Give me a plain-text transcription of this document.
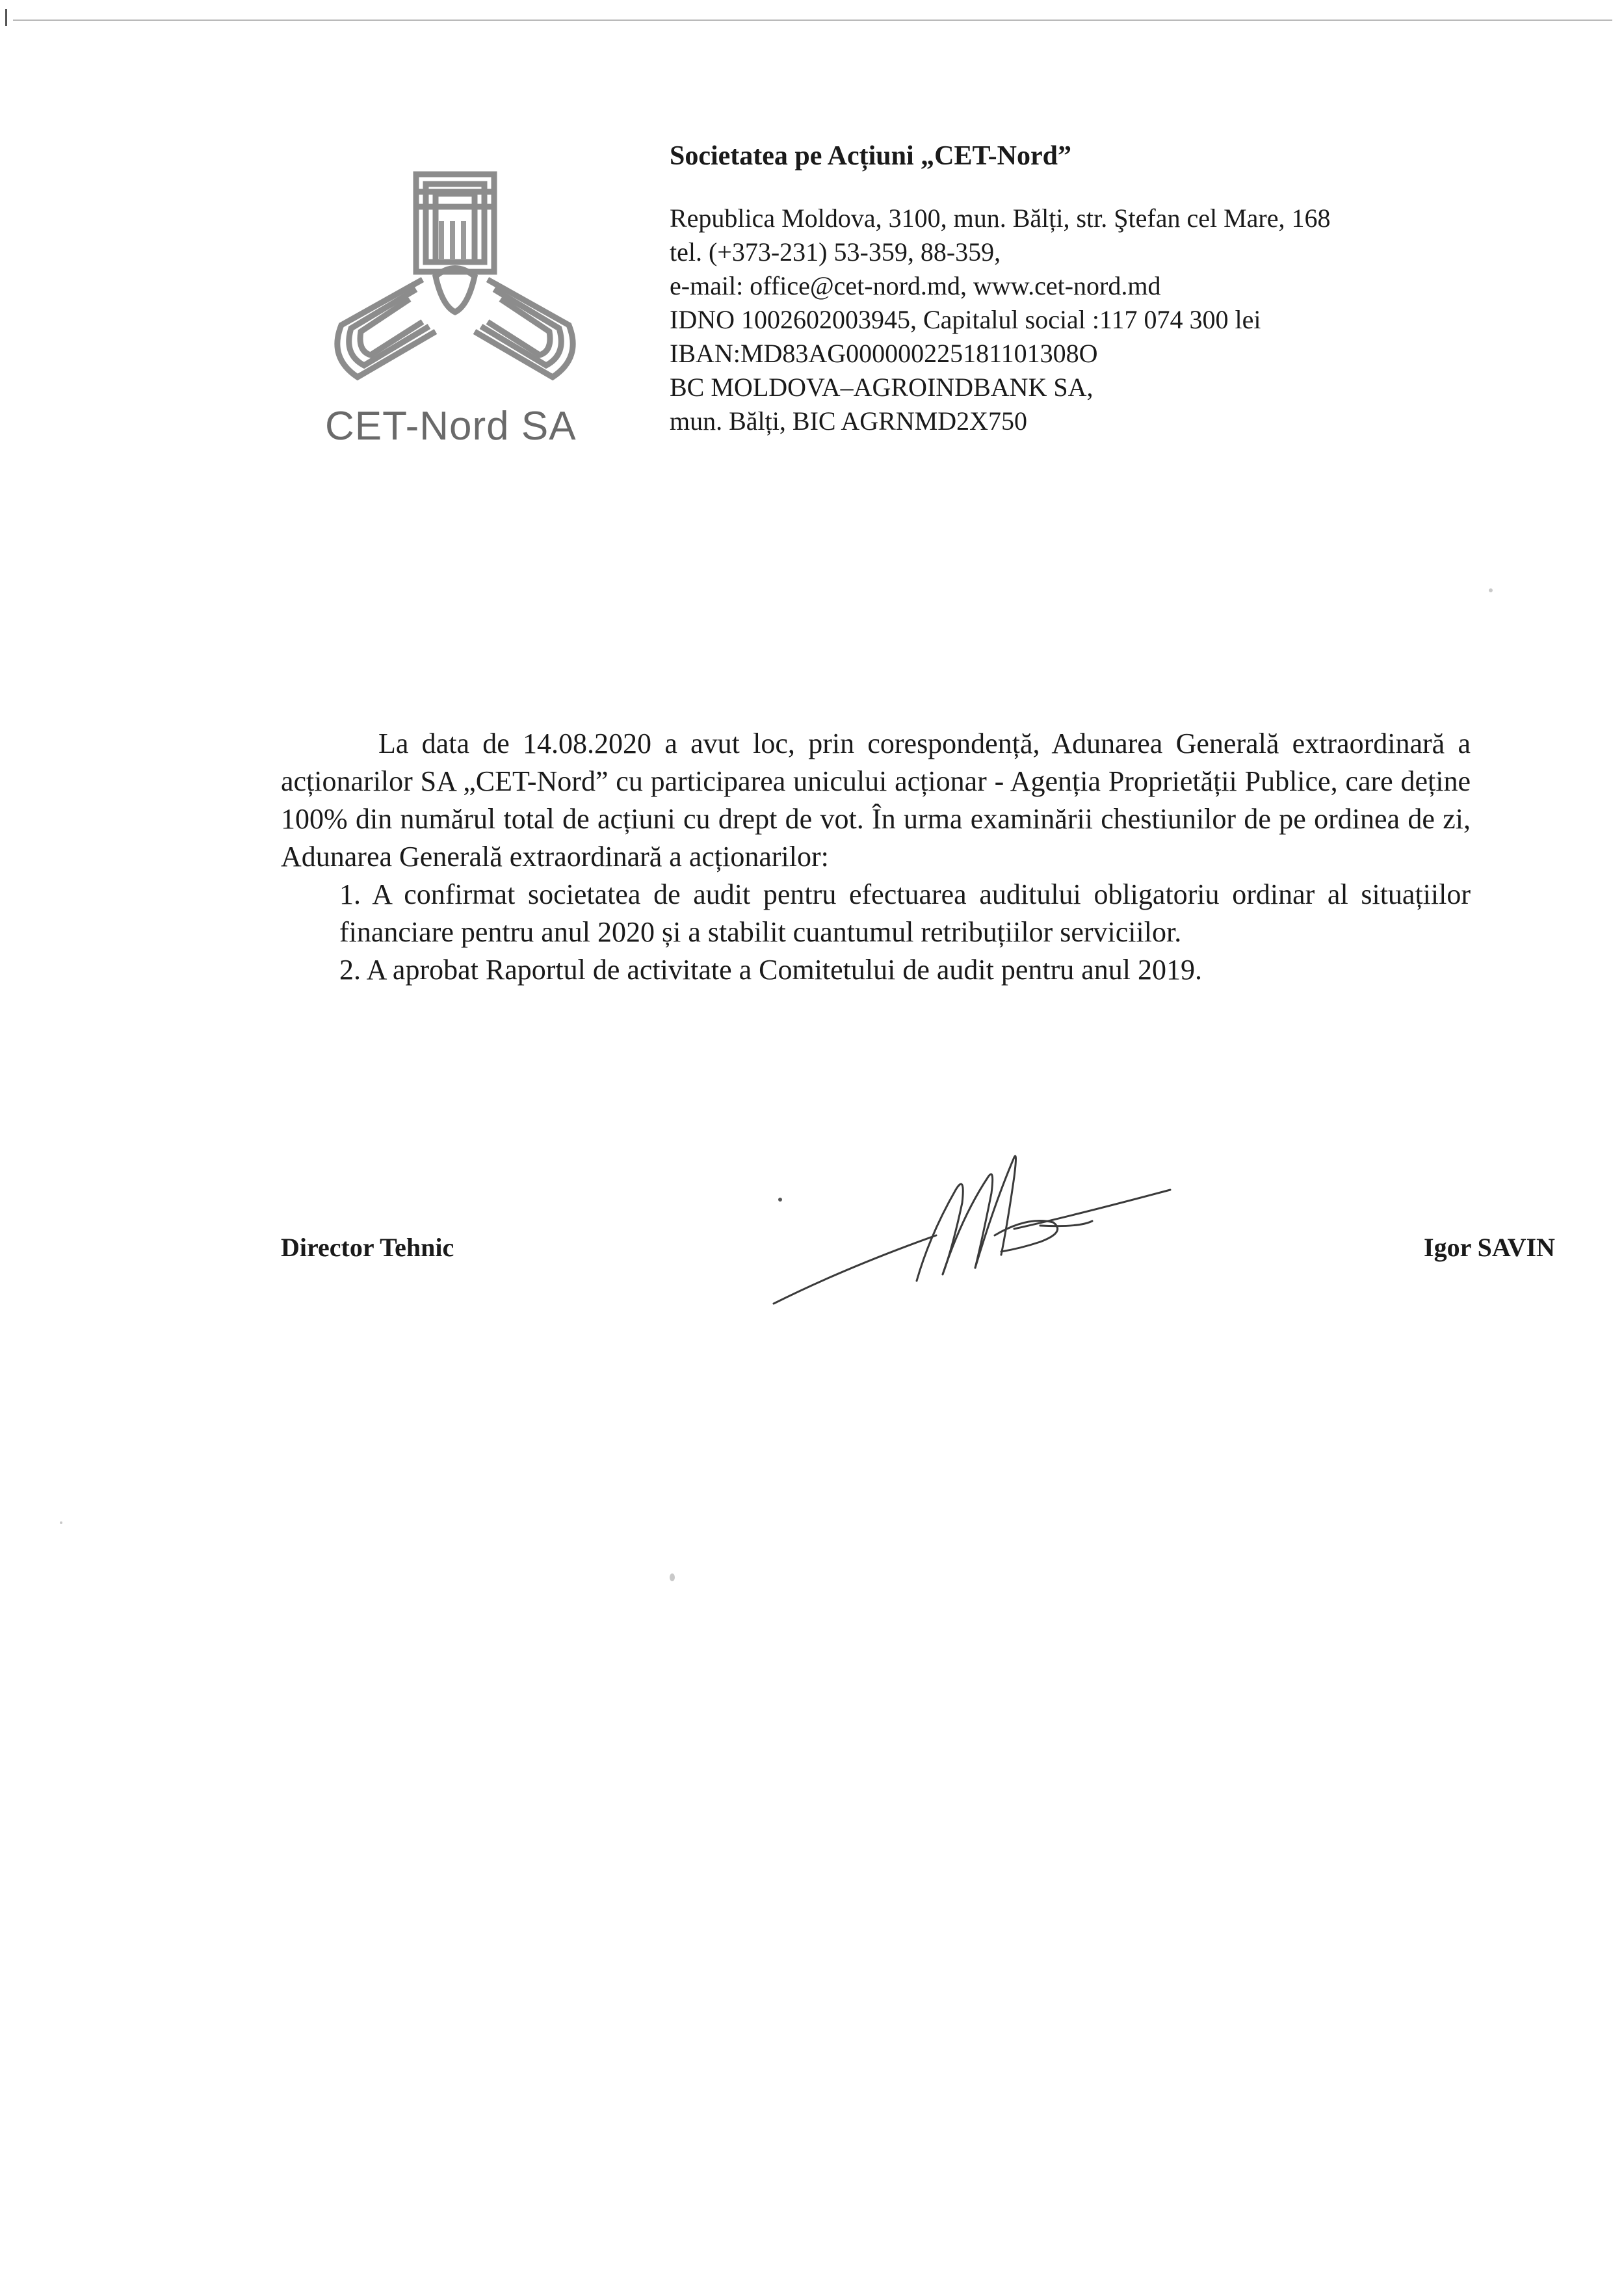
CET-Nord SA
Societatea pe Acțiuni „CET-Nord”
Republica Moldova, 3100, mun. Bălți, str. Ştefan cel Mare, 168
tel. (+373-231) 53-359, 88-359,
e-mail: office@cet-nord.md, www.cet-nord.md
IDNO 1002602003945, Capitalul social :117 074 300 lei
IBAN:MD83AG000000225181101308O
BC MOLDOVA–AGROINDBANK SA,
mun. Bălți, BIC AGRNMD2X750

La data de 14.08.2020 a avut loc, prin corespondență, Adunarea Generală extraordinară a acționarilor SA „CET-Nord” cu participarea unicului acționar - Agenția Proprietății Publice, care deține 100% din numărul total de acțiuni cu drept de vot. În urma examinării chestiunilor de pe ordinea de zi, Adunarea Generală extraordinară a acționarilor:

1. A confirmat societatea de audit pentru efectuarea auditului obligatoriu ordinar al situațiilor financiare pentru anul 2020 și a stabilit cuantumul retribuțiilor serviciilor.
2. A aprobat Raportul de activitate a Comitetului de audit pentru anul 2019.
Director Tehnic	Igor SAVIN
